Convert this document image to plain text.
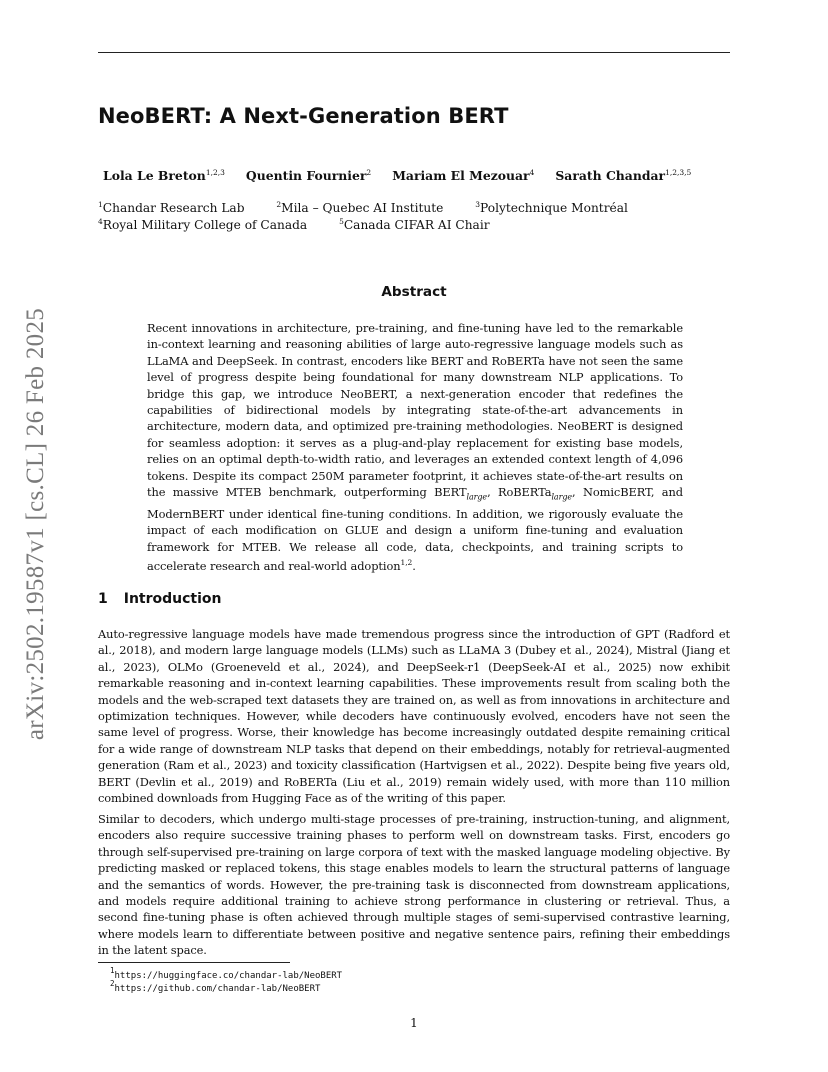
arXiv:2502.19587v1 [cs.CL] 26 Feb 2025
NeoBERT: A Next-Generation BERT
Lola Le Breton$^{1,2,3}$ Quentin Fournier$^2$ Mariam El Mezouar$^4$ Sarath Chandar$^{1,2,3,5}$
$^1$Chandar Research Lab	$^2$Mila – Quebec AI Institute	$^3$Polytechnique Montréal
$^4$Royal Military College of Canada	$^5$Canada CIFAR AI Chair
Abstract

Recent innovations in architecture, pre-training, and fine-tuning have led to the remarkable in-context learning and reasoning abilities of large auto-regressive language models such as LLaMA and DeepSeek. In contrast, encoders like BERT and RoBERTa have not seen the same level of progress despite being foundational for many downstream NLP applications. To bridge this gap, we introduce NeoBERT, a next-generation encoder that redefines the capabilities of bidirectional models by integrating state-of-the-art advancements in architecture, modern data, and optimized pre-training methodologies. NeoBERT is designed for seamless adoption: it serves as a plug-and-play replacement for existing base models, relies on an optimal depth-to-width ratio, and leverages an extended context length of 4,096 tokens. Despite its compact 250M parameter footprint, it achieves state-of-the-art results on the massive MTEB benchmark, outperforming $BERT_{large}$, RoBERTa$_{large}$, NomicBERT, and ModernBERT under identical fine-tuning conditions. In addition, we rigorously evaluate the impact of each modification on GLUE and design a uniform fine-tuning and evaluation framework for MTEB. We release all code, data, checkpoints, and training scripts to accelerate research and real-world adoption$^{1,2}$.

1 Introduction

Auto-regressive language models have made tremendous progress since the introduction of GPT (Radford et al., 2018), and modern large language models (LLMs) such as LLaMA 3 (Dubey et al., 2024), Mistral (Jiang et al., 2023), OLMo (Groeneveld et al., 2024), and DeepSeek-r1 (DeepSeek-AI et al., 2025) now exhibit remarkable reasoning and in-context learning capabilities. These improvements result from scaling both the models and the web-scraped text datasets they are trained on, as well as from innovations in architecture and optimization techniques. However, while decoders have continuously evolved, encoders have not seen the same level of progress. Worse, their knowledge has become increasingly outdated despite remaining critical for a wide range of downstream NLP tasks that depend on their embeddings, notably for retrieval-augmented generation (Ram et al., 2023) and toxicity classification (Hartvigsen et al., 2022). Despite being five years old, BERT (Devlin et al., 2019) and RoBERTa (Liu et al., 2019) remain widely used, with more than 110 million combined downloads from Hugging Face as of the writing of this paper.

Similar to decoders, which undergo multi-stage processes of pre-training, instruction-tuning, and alignment, encoders also require successive training phases to perform well on downstream tasks. First, encoders go through self-supervised pre-training on large corpora of text with the masked language modeling objective. By predicting masked or replaced tokens, this stage enables models to learn the structural patterns of language and the semantics of words. However, the pre-training task is disconnected from downstream applications, and models require additional training to achieve strong performance in clustering or retrieval. Thus, a second fine-tuning phase is often achieved through multiple stages of semi-supervised contrastive learning, where models learn to differentiate between positive and negative sentence pairs, refining their embeddings in the latent space.

$^1$https://huggingface.co/chandar-lab/NeoBERT
$^2$https://github.com/chandar-lab/NeoBERT
1
